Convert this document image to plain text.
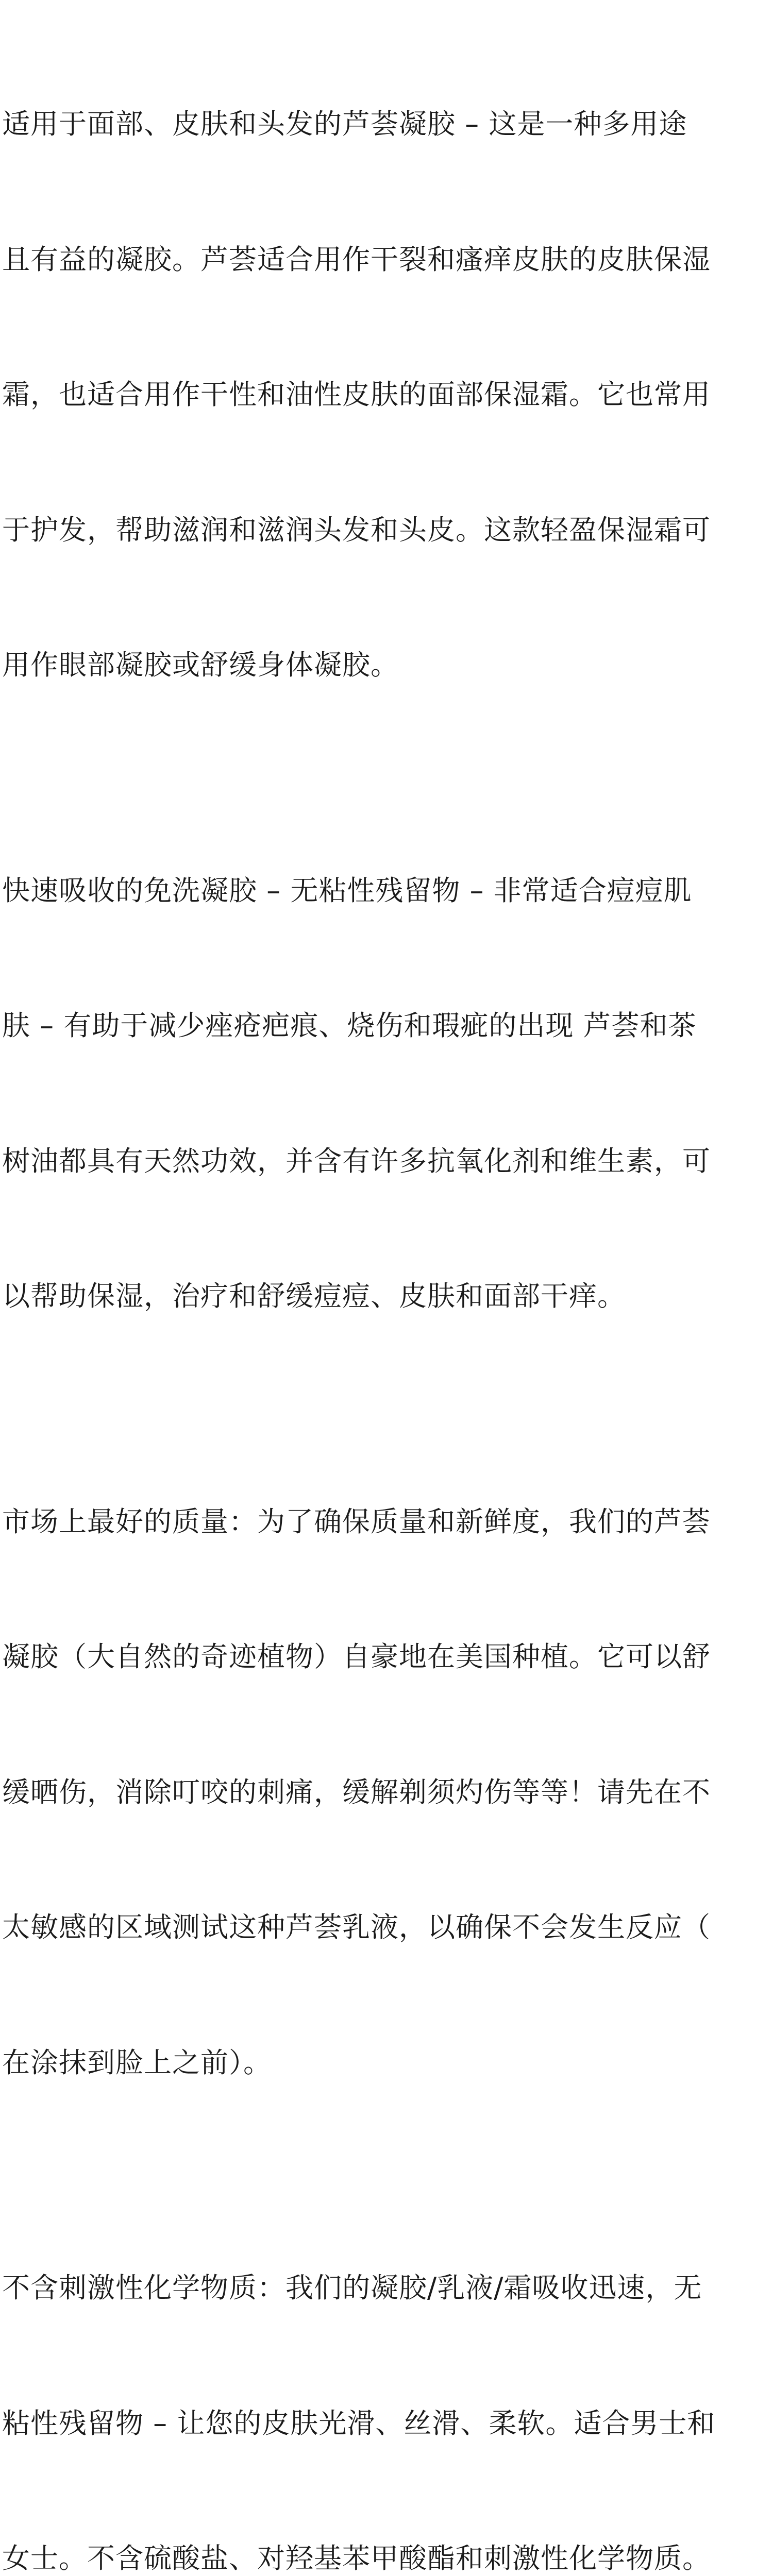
适用于面部、皮肤和头发的芦荟凝胶 – 这是一种多用途

且有益的凝胶。芦荟适合用作干裂和瘙痒皮肤的皮肤保湿

霜，也适合用作干性和油性皮肤的面部保湿霜。它也常用

于护发，帮助滋润和滋润头发和头皮。这款轻盈保湿霜可

用作眼部凝胶或舒缓身体凝胶。

快速吸收的免洗凝胶 – 无粘性残留物 – 非常适合痘痘肌

肤 – 有助于减少痤疮疤痕、烧伤和瑕疵的出现 芦荟和茶

树油都具有天然功效，并含有许多抗氧化剂和维生素，可

以帮助保湿，治疗和舒缓痘痘、皮肤和面部干痒。

市场上最好的质量：为了确保质量和新鲜度，我们的芦荟

凝胶（大自然的奇迹植物）自豪地在美国种植。它可以舒

缓晒伤，消除叮咬的刺痛，缓解剃须灼伤等等！请先在不

太敏感的区域测试这种芦荟乳液，以确保不会发生反应（

在涂抹到脸上之前）。

不含刺激性化学物质：我们的凝胶/乳液/霜吸收迅速，无

粘性残留物 – 让您的皮肤光滑、丝滑、柔软。适合男士和

女士。不含硫酸盐、对羟基苯甲酸酯和刺激性化学物质。
